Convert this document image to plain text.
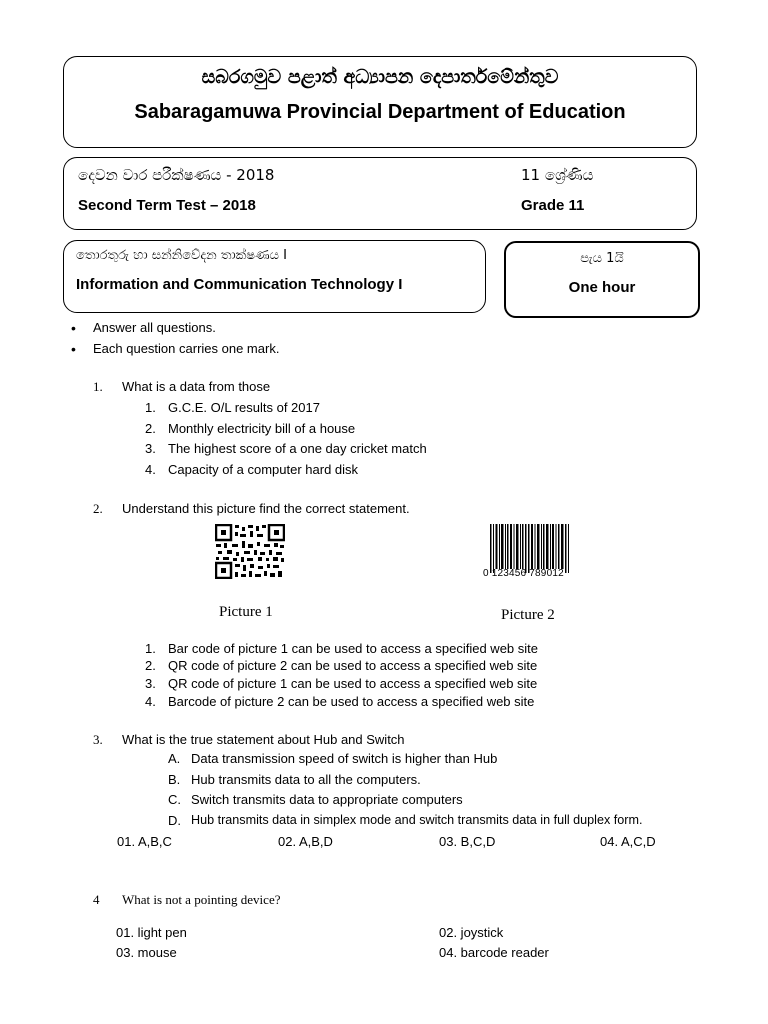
සබරගමුව පළාත් අධ්‍යාපන දෙපාර්තමේන්තුව
Sabaragamuwa Provincial Department of Education
දෙවන වාර පරීක්ෂණය - 2018
Second Term Test – 2018
11 ශ්‍රේණිය
Grade 11
තොරතුරු හා සන්නිවේදන තාක්ෂණය I
Information and Communication Technology I
පැය 1යි
One hour
• Answer all questions.
• Each question carries one mark.
1. What is a data from those
1. G.C.E. O/L results of 2017
2. Monthly electricity bill of a house
3. The highest score of a one day cricket match
4. Capacity of a computer hard disk
2. Understand this picture find the correct statement.
0 123456 789012
Picture 1	Picture 2
1. Bar code of picture 1 can be used to access a specified web site
2. QR code of picture 2 can be used to access a specified web site
3. QR code of picture 1 can be used to access a specified web site
4. Barcode of picture 2 can be used to access a specified web site
3. What is the true statement about Hub and Switch
A. Data transmission speed of switch is higher than Hub
B. Hub transmits data to all the computers.
C. Switch transmits data to appropriate computers
D. Hub transmits data in simplex mode and switch transmits data in full duplex form.
01. A,B,C	02. A,B,D	03. B,C,D	04. A,C,D
4 What is not a pointing device?
01. light pen	02. joystick
03. mouse	04. barcode reader
